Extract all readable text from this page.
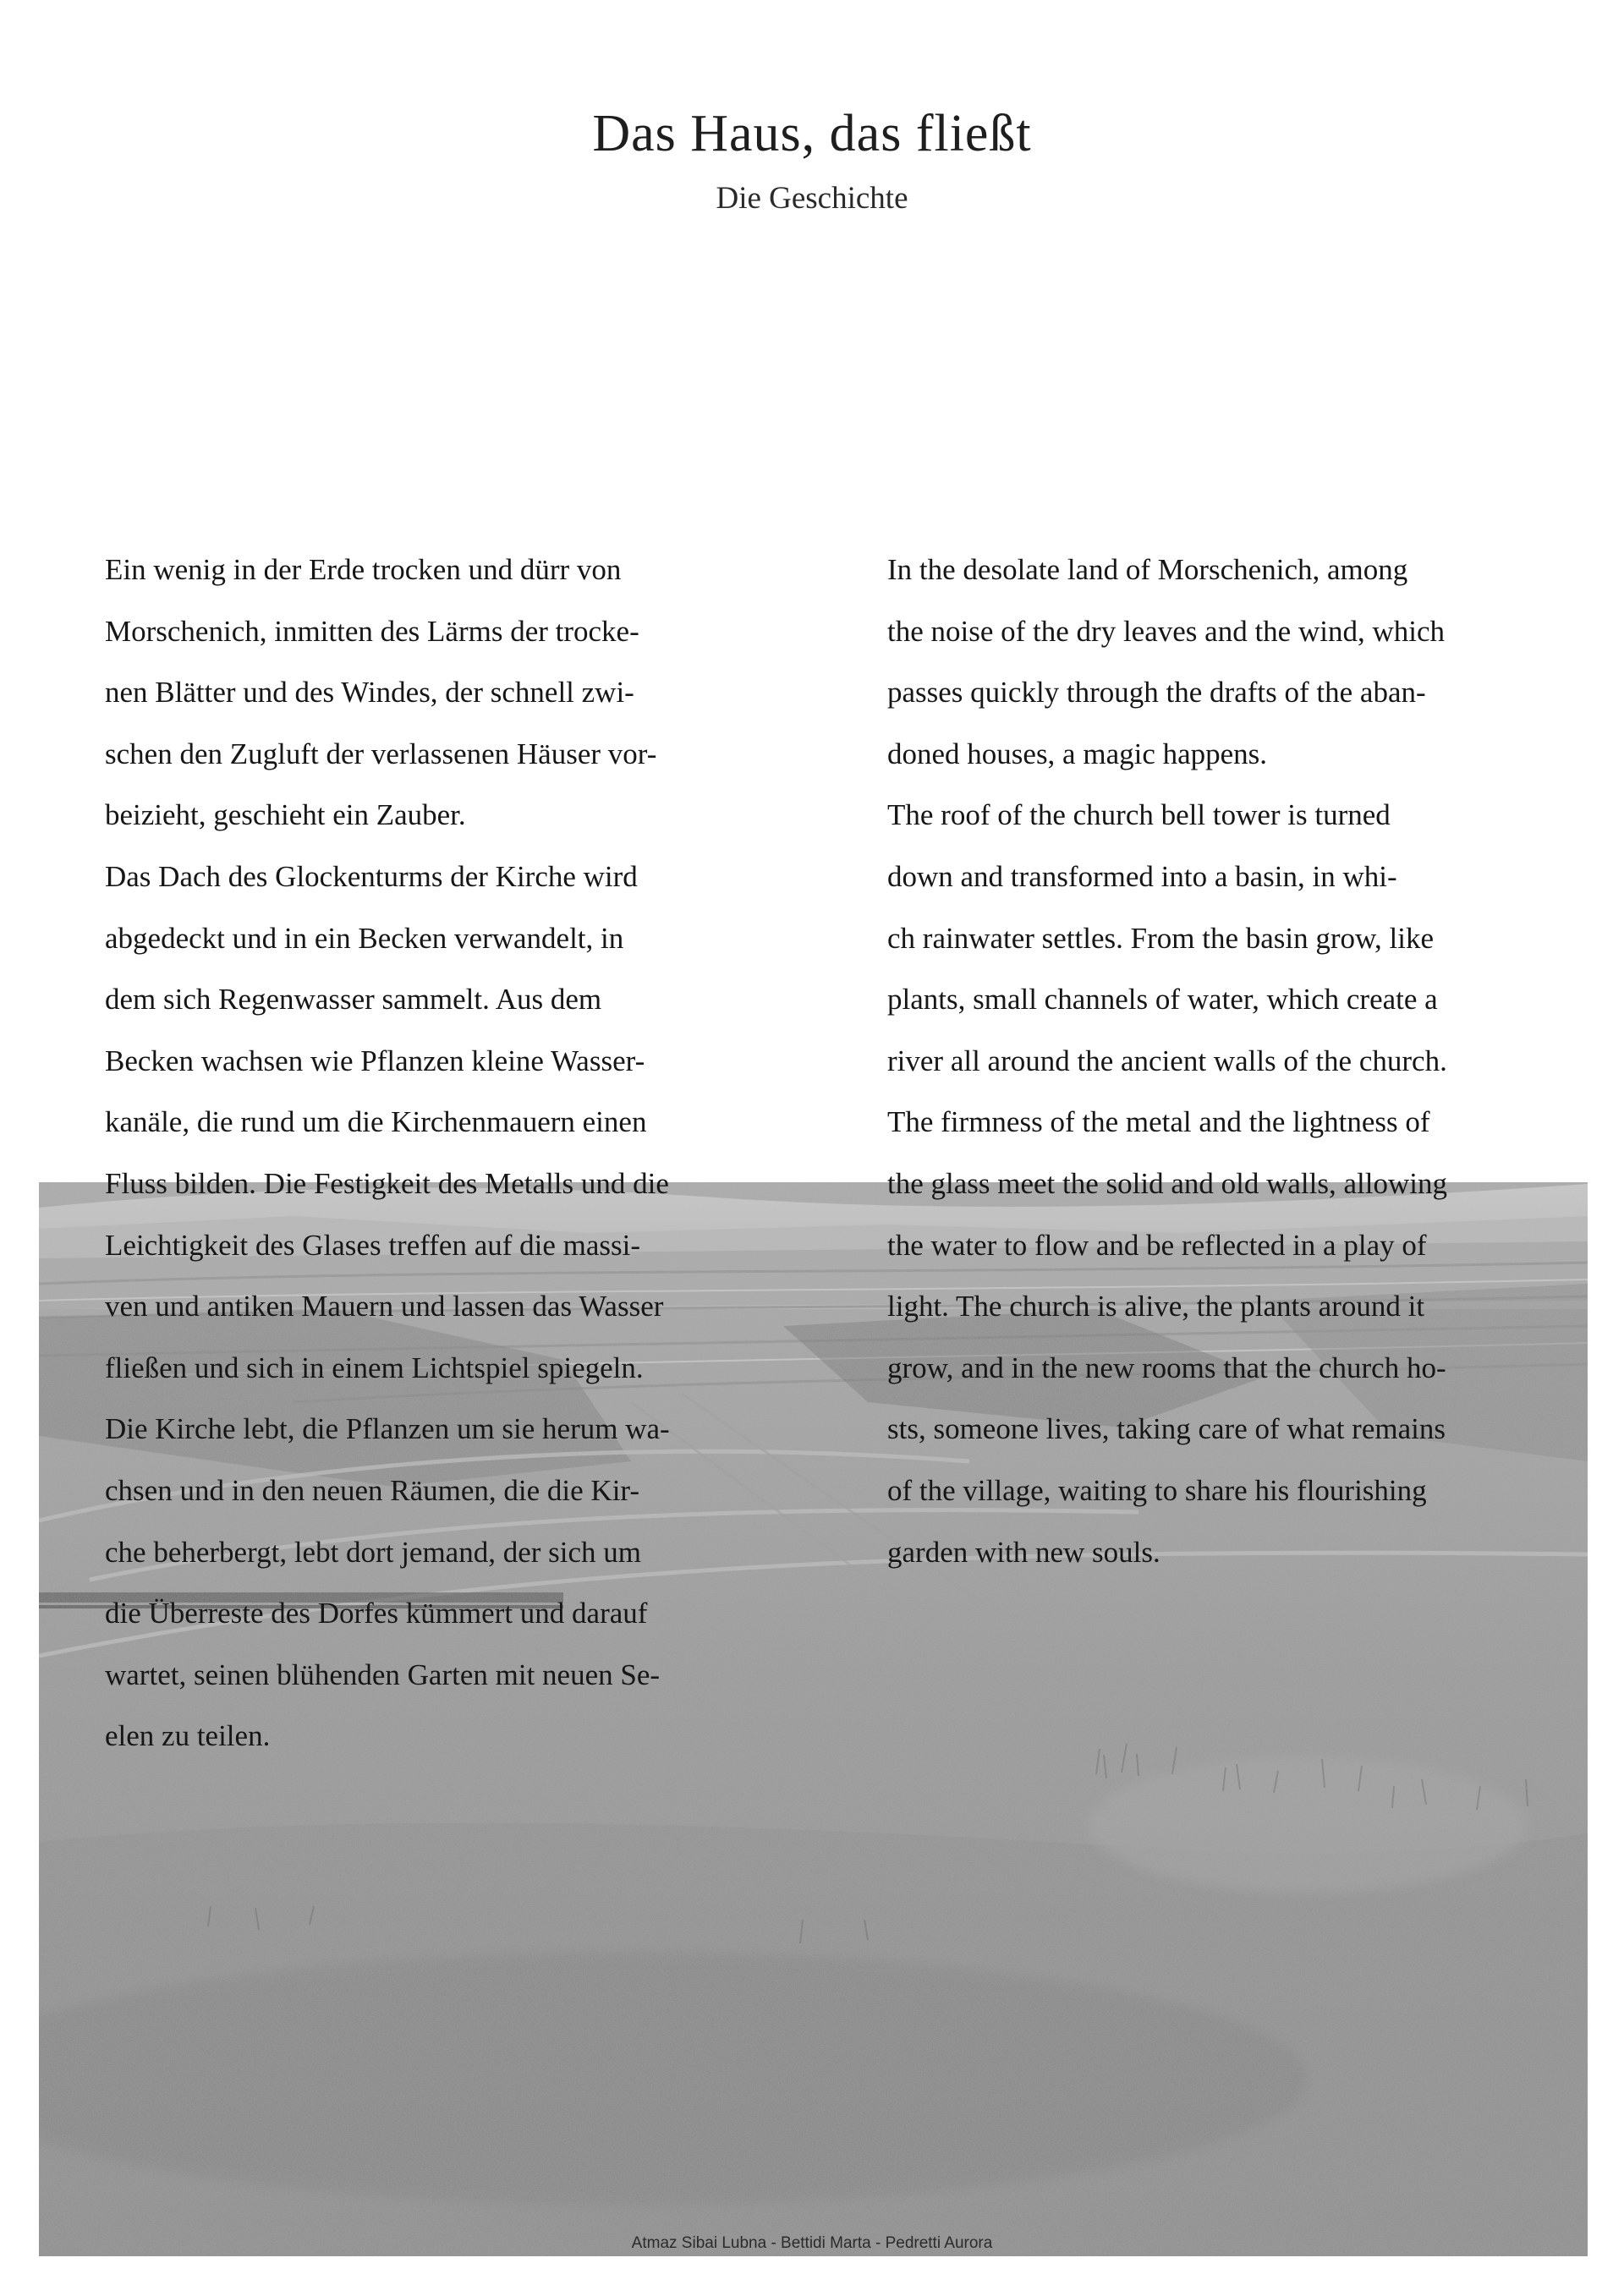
Das Haus, das fließt
Die Geschichte
Ein wenig in der Erde trocken und dürr von
Morschenich, inmitten des Lärms der trocke-
nen Blätter und des Windes, der schnell zwi-
schen den Zugluft der verlassenen Häuser vor-
beizieht, geschieht ein Zauber.
Das Dach des Glockenturms der Kirche wird
abgedeckt und in ein Becken verwandelt, in
dem sich Regenwasser sammelt. Aus dem
Becken wachsen wie Pflanzen kleine Wasser-
kanäle, die rund um die Kirchenmauern einen
Fluss bilden. Die Festigkeit des Metalls und die
Leichtigkeit des Glases treffen auf die massi-
ven und antiken Mauern und lassen das Wasser
fließen und sich in einem Lichtspiel spiegeln.
Die Kirche lebt, die Pflanzen um sie herum wa-
chsen und in den neuen Räumen, die die Kir-
che beherbergt, lebt dort jemand, der sich um
die Überreste des Dorfes kümmert und darauf
wartet, seinen blühenden Garten mit neuen Se-
elen zu teilen.
In the desolate land of Morschenich, among
the noise of the dry leaves and the wind, which
passes quickly through the drafts of the aban-
doned houses, a magic happens.
The roof of the church bell tower is turned
down and transformed into a basin, in whi-
ch rainwater settles. From the basin grow, like
plants, small channels of water, which create a
river all around the ancient walls of the church.
The firmness of the metal and the lightness of
the glass meet the solid and old walls, allowing
the water to flow and be reflected in a play of
light. The church is alive, the plants around it
grow, and in the new rooms that the church ho-
sts, someone lives, taking care of what remains
of the village, waiting to share his flourishing
garden with new souls.
Atmaz Sibai Lubna - Bettidi Marta - Pedretti Aurora
